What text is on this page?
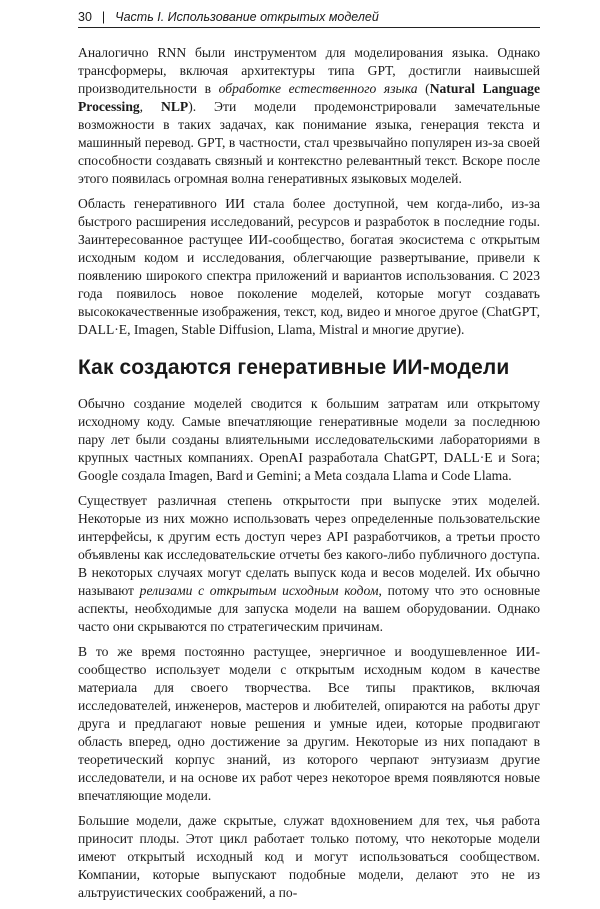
30 | Часть I. Использование открытых моделей

Аналогично RNN были инструментом для моделирования языка. Однако трансформеры, включая архитектуры типа GPT, достигли наивысшей производительности в обработке естественного языка (Natural Language Processing, NLP). Эти модели продемонстрировали замечательные возможности в таких задачах, как понимание языка, генерация текста и машинный перевод. GPT, в частности, стал чрезвычайно популярен из-за своей способности создавать связный и контекстно релевантный текст. Вскоре после этого появилась огромная волна генеративных языковых моделей.

Область генеративного ИИ стала более доступной, чем когда-либо, из-за быстрого расширения исследований, ресурсов и разработок в последние годы. Заинтересованное растущее ИИ-сообщество, богатая экосистема с открытым исходным кодом и исследования, облегчающие развертывание, привели к появлению широкого спектра приложений и вариантов использования. С 2023 года появилось новое поколение моделей, которые могут создавать высококачественные изображения, текст, код, видео и многое другое (ChatGPT, DALL·E, Imagen, Stable Diffusion, Llama, Mistral и многие другие).

Как создаются генеративные ИИ-модели

Обычно создание моделей сводится к большим затратам или открытому исходному коду. Самые впечатляющие генеративные модели за последнюю пару лет были созданы влиятельными исследовательскими лабораториями в крупных частных компаниях. OpenAI разработала ChatGPT, DALL·E и Sora; Google создала Imagen, Bard и Gemini; а Meta создала Llama и Code Llama.

Существует различная степень открытости при выпуске этих моделей. Некоторые из них можно использовать через определенные пользовательские интерфейсы, к другим есть доступ через API разработчиков, а третьи просто объявлены как исследовательские отчеты без какого-либо публичного доступа. В некоторых случаях могут сделать выпуск кода и весов моделей. Их обычно называют релизами с открытым исходным кодом, потому что это основные аспекты, необходимые для запуска модели на вашем оборудовании. Однако часто они скрываются по стратегическим причинам.

В то же время постоянно растущее, энергичное и воодушевленное ИИ-сообщество использует модели с открытым исходным кодом в качестве материала для своего творчества. Все типы практиков, включая исследователей, инженеров, мастеров и любителей, опираются на работы друг друга и предлагают новые решения и умные идеи, которые продвигают область вперед, одно достижение за другим. Некоторые из них попадают в теоретический корпус знаний, из которого черпают энтузиазм другие исследователи, и на основе их работ через некоторое время появляются новые впечатляющие модели.

Большие модели, даже скрытые, служат вдохновением для тех, чья работа приносит плоды. Этот цикл работает только потому, что некоторые модели имеют открытый исходный код и могут использоваться сообществом. Компании, которые выпускают подобные модели, делают это не из альтруистических соображений, а по-
